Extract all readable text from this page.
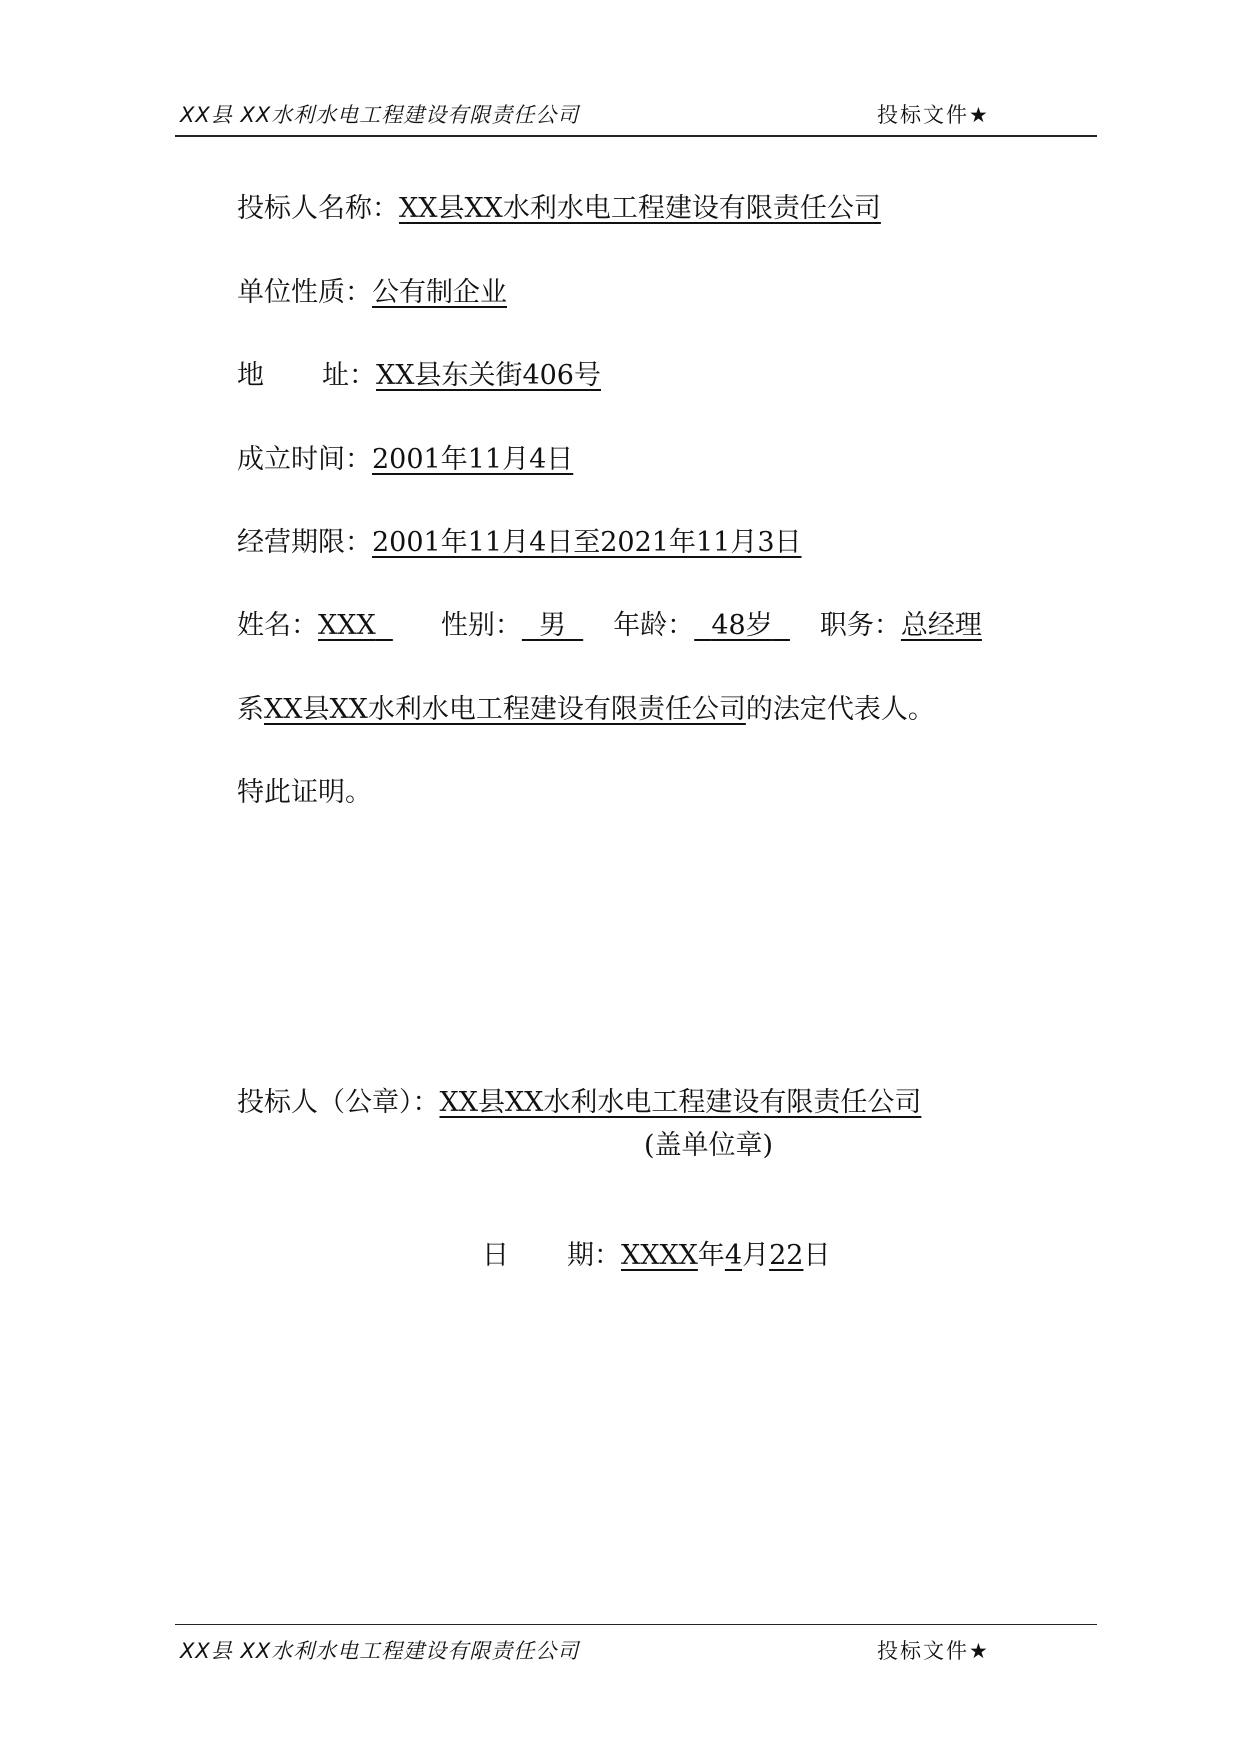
XX县 XX水利水电工程建设有限责任公司	投标文件★
投标人名称：XX县XX水利水电工程建设有限责任公司
单位性质：公有制企业
地 址：XX县东关街406号
成立时间：2001年11月4日
经营期限：2001年11月4日至2021年11月3日
姓名：XXX 性别： 男 年龄： 48岁 职务：总经理
系XX县XX水利水电工程建设有限责任公司的法定代表人。
特此证明。
投标人（公章）：XX县XX水利水电工程建设有限责任公司
(盖单位章)
日 期：XXXX年4月22日
XX县 XX水利水电工程建设有限责任公司	投标文件★
